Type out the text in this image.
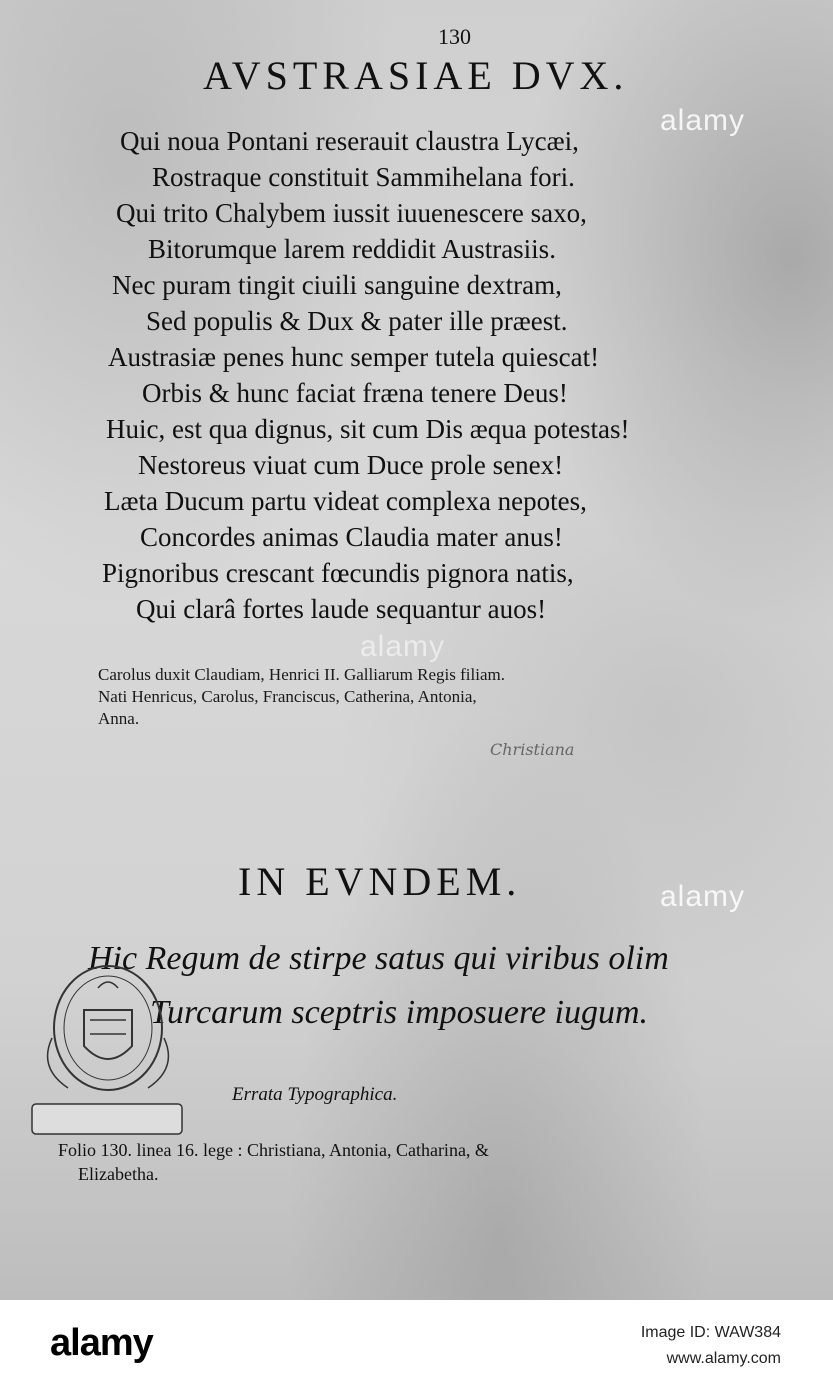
130
AVSTRASIAE DVX.
Qui noua Pontani reserauit claustra Lycæi,
Rostraque constituit Sammihelana fori.
Qui trito Chalybem iussit iuuenescere saxo,
Bitorumque larem reddidit Austrasiis.
Nec puram tingit ciuili sanguine dextram,
Sed populis & Dux & pater ille præest.
Austrasiæ penes hunc semper tutela quiescat!
Orbis & hunc faciat fræna tenere Deus!
Huic, est qua dignus, sit cum Dis æqua potestas!
Nestoreus viuat cum Duce prole senex!
Læta Ducum partu videat complexa nepotes,
Concordes animas Claudia mater anus!
Pignoribus crescant fœcundis pignora natis,
Qui clarâ fortes laude sequantur auos!
Carolus duxit Claudiam, Henrici II. Galliarum Regis filiam.
Nati Henricus, Carolus, Franciscus, Catherina, Antonia,
Anna.
Christiana
IN EVNDEM.
Hic Regum de stirpe satus qui viribus olim
Turcarum sceptris imposuere iugum.
Errata Typographica.
Folio 130. linea 16. lege : Christiana, Antonia, Catharina, &
Elizabetha.
alamy
alamy
alamy
alamy	Image ID: WAW384
www.alamy.com
